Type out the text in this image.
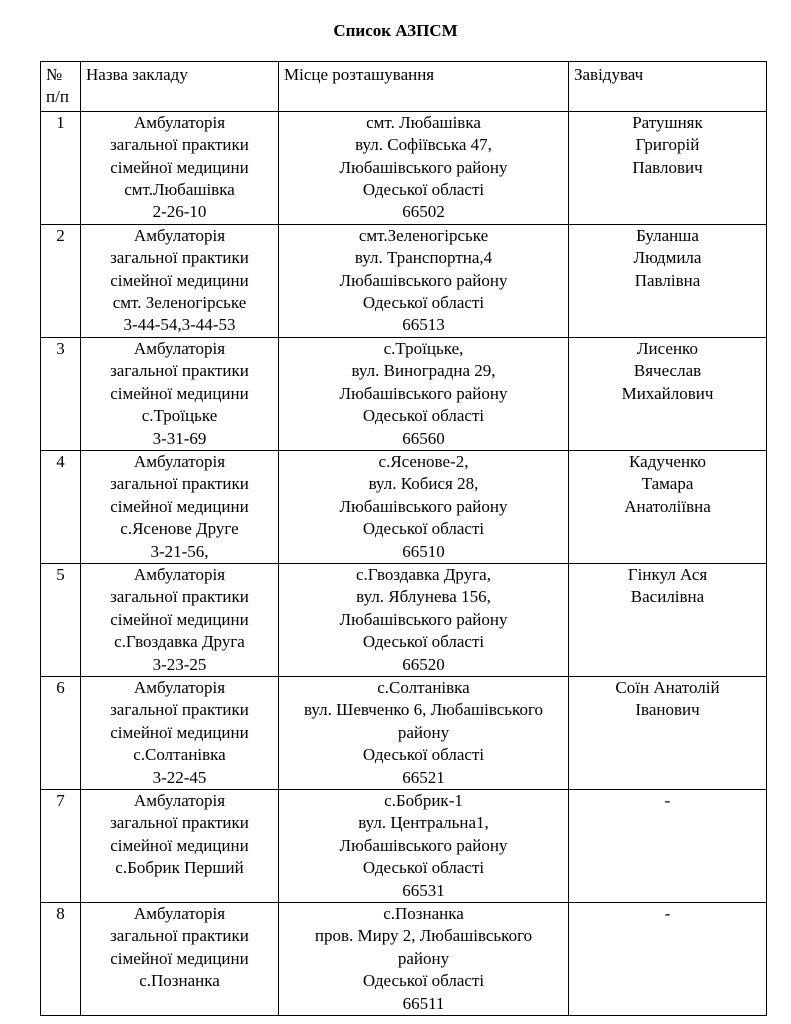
Список АЗПСМ
№
п/п	Назва закладу	Місце розташування	Завідувач
1	Амбулаторія
загальної практики
сімейної медицини
смт.Любашівка
2-26-10	смт. Любашівка
вул. Софіївська 47,
Любашівського району
Одеської області
66502	Ратушняк
Григорій
Павлович

2	Амбулаторія
загальної практики
сімейної медицини
смт. Зеленогірське
3-44-54,3-44-53	смт.Зеленогірське
вул. Транспортна,4
Любашівського району
Одеської області
66513	Буланша
Людмила
Павлівна

3	Амбулаторія
загальної практики
сімейної медицини
с.Троїцьке
3-31-69	с.Троїцьке,
вул. Виноградна 29,
Любашівського району
Одеської області
66560	Лисенко
Вячеслав
Михайлович

4	Амбулаторія
загальної практики
сімейної медицини
с.Ясенове Друге
3-21-56,	с.Ясенове-2,
вул. Кобися 28,
Любашівського району
Одеської області
66510	Кадученко
Тамара
Анатоліївна

5	Амбулаторія
загальної практики
сімейної медицини
с.Гвоздавка Друга
3-23-25	с.Гвоздавка Друга,
вул. Яблунева 156,
Любашівського району
Одеської області
66520	Гінкул Ася
Василівна

6	Амбулаторія
загальної практики
сімейної медицини
с.Солтанівка
3-22-45	с.Солтанівка
вул. Шевченко 6, Любашівського
району
Одеської області
66521	Соїн Анатолій
Іванович

7	Амбулаторія
загальної практики
сімейної медицини
с.Бобрик Перший	с.Бобрик-1
вул. Центральна1,
Любашівського району
Одеської області
66531	-

8	Амбулаторія
загальної практики
сімейної медицини
с.Познанка	с.Познанка
пров. Миру 2, Любашівського
району
Одеської області
66511	-
